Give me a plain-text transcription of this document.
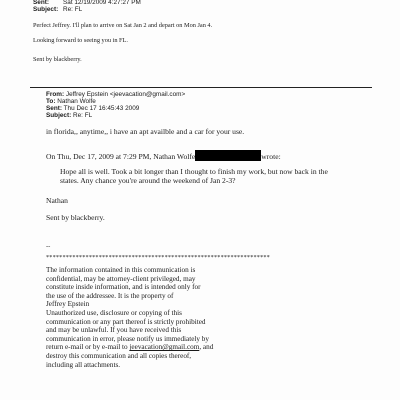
Sent: Sat 12/19/2009 4:27:27 PM
Subject: Re: FL
Perfect Jeffrey. I'll plan to arrive on Sat Jan 2 and depart on Mon Jan 4.
Looking forward to seeing you in FL.
Sent by blackberry.
From: Jeffrey Epstein <jeevacation@gmail.com>
To: Nathan Wolfe
Sent: Thu Dec 17 16:45:43 2009
Subject: Re: FL
in florida,, anytime,, i have an apt availble and a car for your use.
On Thu, Dec 17, 2009 at 7:29 PM, Nathan Wolfe	wrote:
Hope all is well. Took a bit longer than I thought to finish my work, but now back in the
states. Any chance you're around the weekend of Jan 2-3?
Nathan
Sent by blackberry.
--
********************************************************************
The information contained in this communication is
confidential, may be attorney-client privileged, may
constitute inside information, and is intended only for
the use of the addressee. It is the property of
Jeffrey Epstein
Unauthorized use, disclosure or copying of this
communication or any part thereof is strictly prohibited
and may be unlawful. If you have received this
communication in error, please notify us immediately by
return e-mail or by e-mail to jeevacation@gmail.com, and
destroy this communication and all copies thereof,
including all attachments.
